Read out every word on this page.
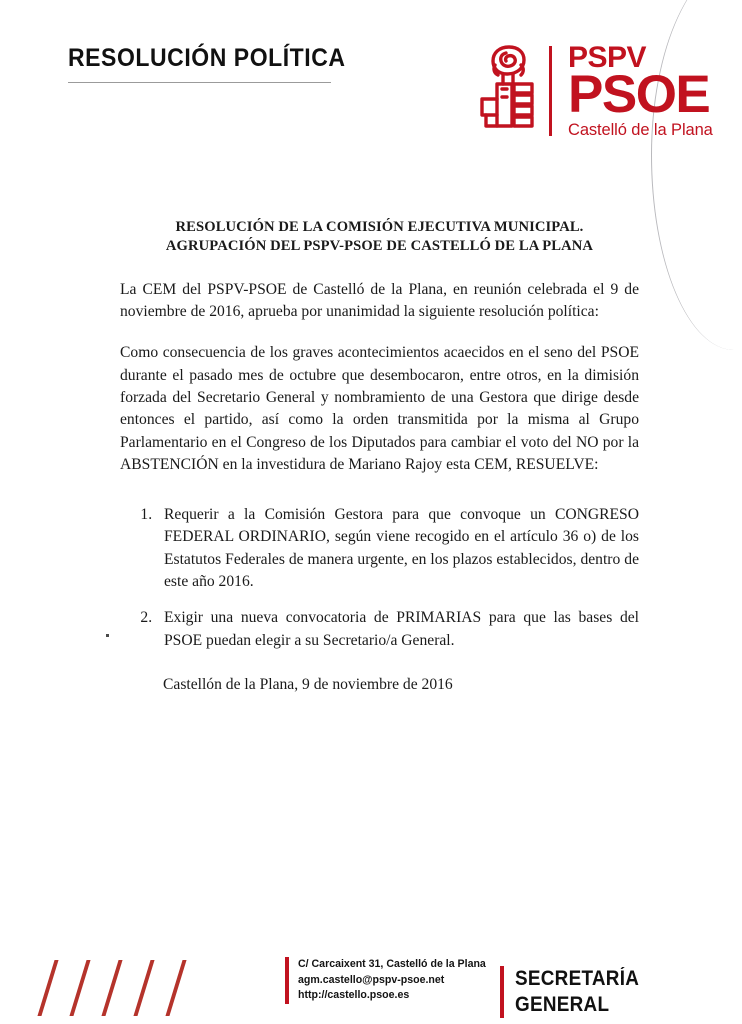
RESOLUCIÓN POLÍTICA	PSPV
PSOE
Castelló de la Plana
RESOLUCIÓN DE LA COMISIÓN EJECUTIVA MUNICIPAL.
AGRUPACIÓN DEL PSPV-PSOE DE CASTELLÓ DE LA PLANA

La CEM del PSPV-PSOE de Castelló de la Plana, en reunión celebrada el 9 de noviembre de 2016, aprueba por unanimidad la siguiente resolución política:

Como consecuencia de los graves acontecimientos acaecidos en el seno del PSOE durante el pasado mes de octubre que desembocaron, entre otros, en la dimisión forzada del Secretario General y nombramiento de una Gestora que dirige desde entonces el partido, así como la orden transmitida por la misma al Grupo Parlamentario en el Congreso de los Diputados para cambiar el voto del NO por la ABSTENCIÓN en la investidura de Mariano Rajoy esta CEM, RESUELVE:

1. Requerir a la Comisión Gestora para que convoque un CONGRESO FEDERAL ORDINARIO, según viene recogido en el artículo 36 o) de los Estatutos Federales de manera urgente, en los plazos establecidos, dentro de este año 2016.
2. Exigir una nueva convocatoria de PRIMARIAS para que las bases del PSOE puedan elegir a su Secretario/a General.
Castellón de la Plana, 9 de noviembre de 2016
C/ Carcaixent 31, Castelló de la Plana
agm.castello@pspv-psoe.net
http://castello.psoe.es
SECRETARÍA
GENERAL
